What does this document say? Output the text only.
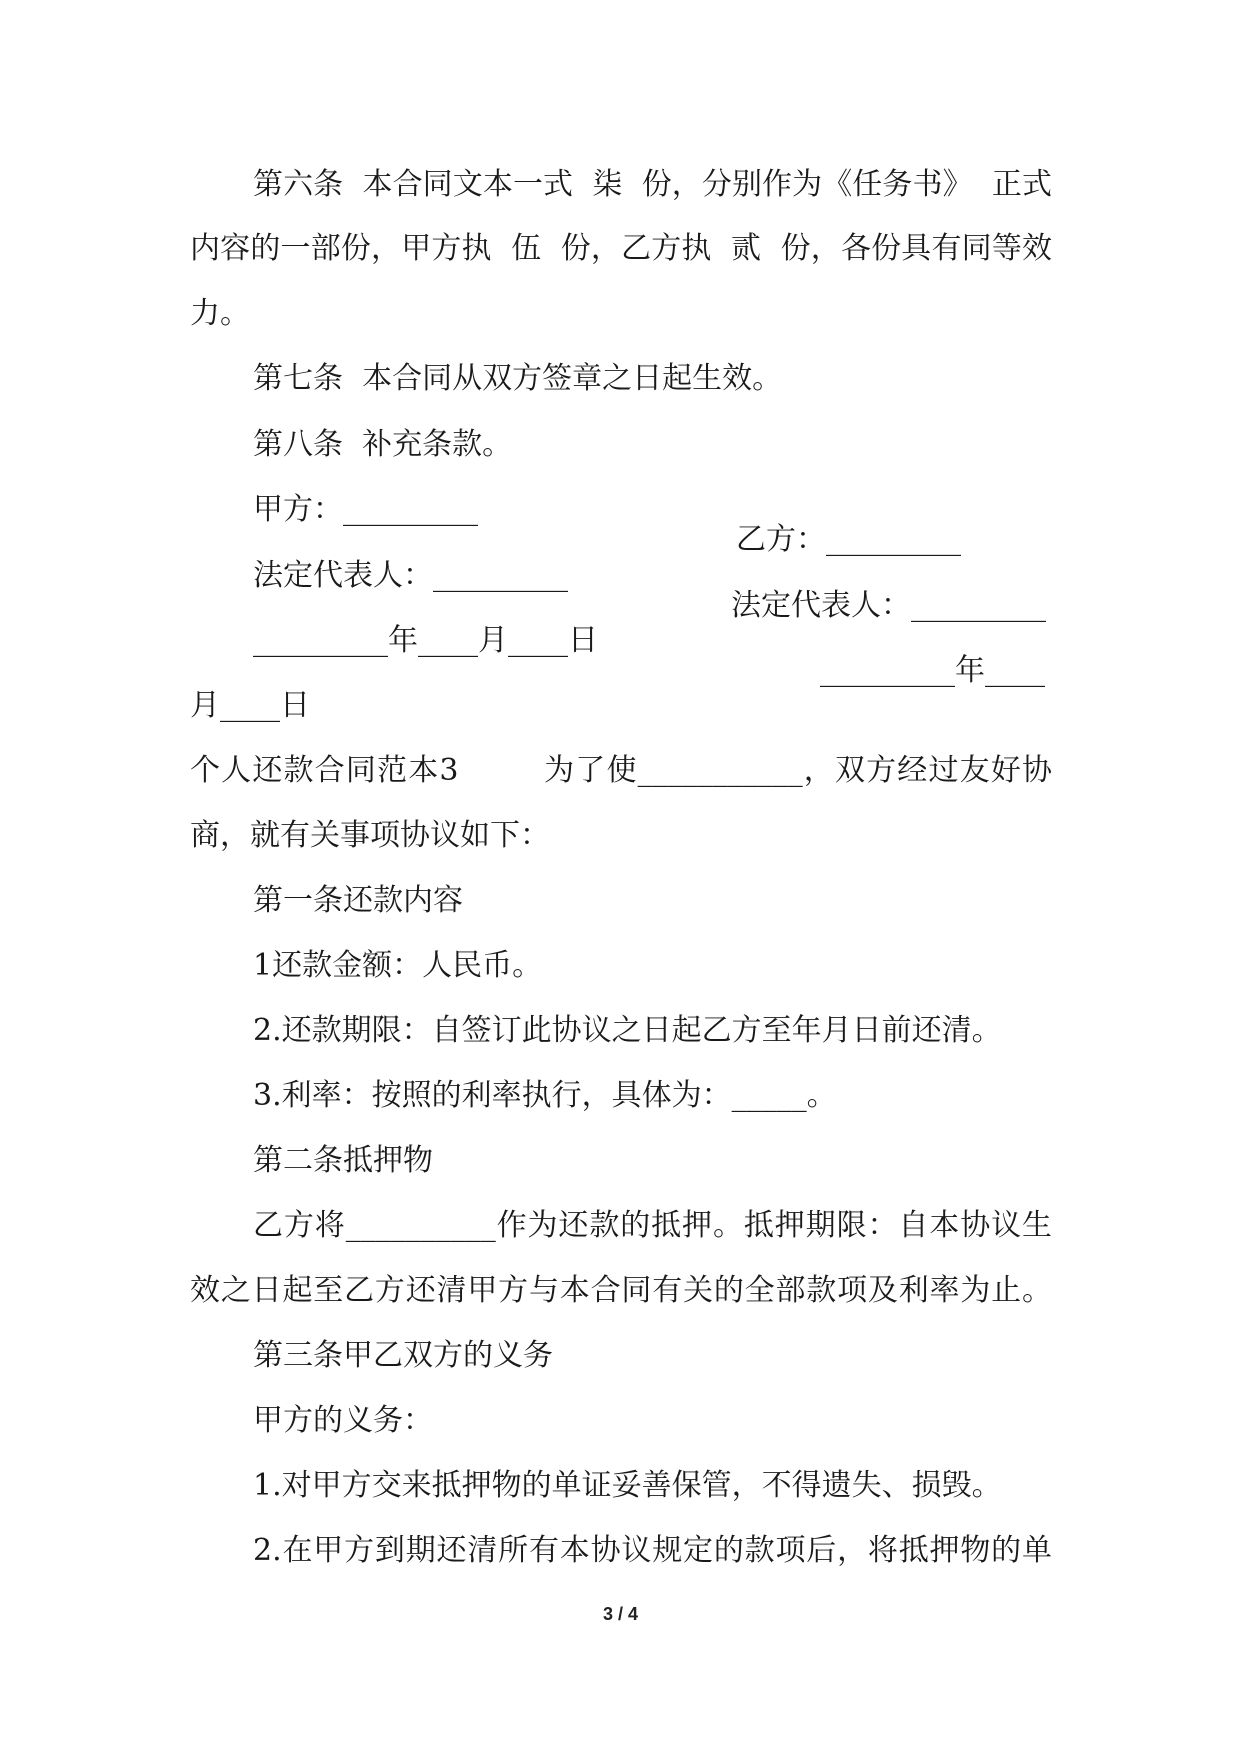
第六条  本合同文本一式  柒  份，分别作为《任务书》  正式

内容的一部份，甲方执  伍  份，乙方执  贰  份，各份具有同等效

力。

第七条  本合同从双方签章之日起生效。

第八条  补充条款。

甲方：_________

乙方：_________

法定代表人：_________

法定代表人：_________

_________年____月____日

_________年____

月____日

个人还款合同范本3        为了使___________，双方经过友好协

商，就有关事项协议如下：

第一条还款内容

1还款金额：人民币。

2.还款期限：自签订此协议之日起乙方至年月日前还清。

3.利率：按照的利率执行，具体为：_____。

第二条抵押物

乙方将__________作为还款的抵押。抵押期限：自本协议生

效之日起至乙方还清甲方与本合同有关的全部款项及利率为止。

第三条甲乙双方的义务

甲方的义务：

1.对甲方交来抵押物的单证妥善保管，不得遗失、损毁。

2.在甲方到期还清所有本协议规定的款项后，将抵押物的单

3 / 4
